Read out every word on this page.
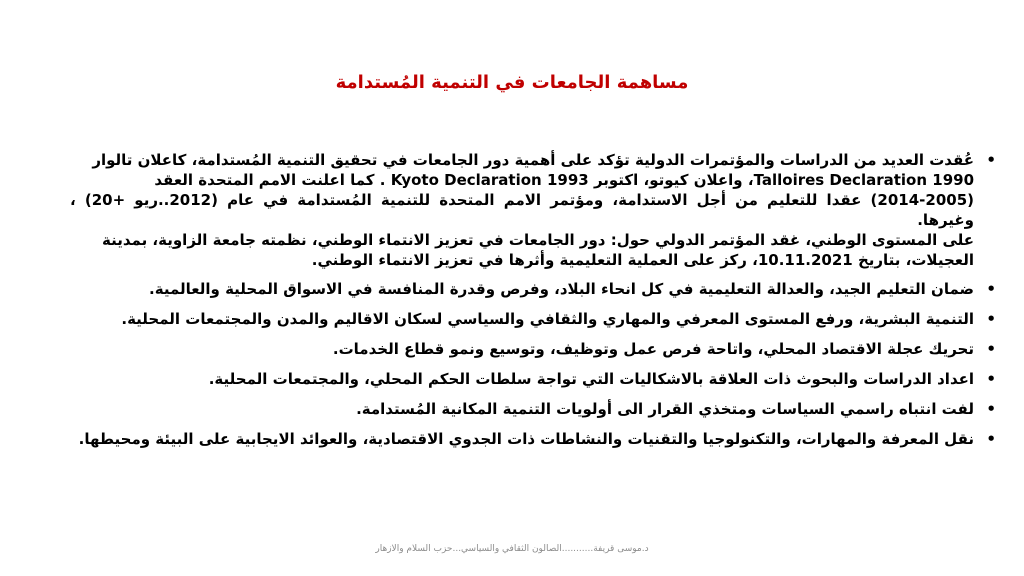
مساهمة الجامعات في التنمية المُستدامة
•
عُقدت العديد من الدراسات والمؤتمرات الدولية تؤكد على أهمية دور الجامعات في تحقيق التنمية المُستدامة، كاعلان تالوار
Talloires Declaration 1990، واعلان كيوتو، اكتوبر 1993 Kyoto Declaration . كما اعلنت الامم المتحدة العقد
(2014-2005) عقدا للتعليم من أجل الاستدامة، ومؤتمر الامم المتحدة للتنمية المُستدامة في عام (2012..ريو +20) ، وغيرها.
على المستوى الوطني، غقد المؤتمر الدولي حول: دور الجامعات في تعزيز الانتماء الوطني، نظمته جامعة الزاوية، بمدينة
العجيلات، بتاريخ 10.11.2021، ركز على العملية التعليمية وأثرها في تعزيز الانتماء الوطني.
•
ضمان التعليم الجيد، والعدالة التعليمية في كل انحاء البلاد، وفرص وقدرة المنافسة في الاسواق المحلية والعالمية.
•
التنمية البشرية، ورفع المستوى المعرفي والمهاري والثقافي والسياسي لسكان الاقاليم والمدن والمجتمعات المحلية.
•
تحريك عجلة الاقتصاد المحلي، واتاحة فرص عمل وتوظيف، وتوسيع ونمو قطاع الخدمات.
•
اعداد الدراسات والبحوث ذات العلاقة بالاشكاليات التي تواجة سلطات الحكم المحلي، والمجتمعات المحلية.
•
لفت انتباه راسمي السياسات ومتخذي القرار الى أولويات التنمية المكانية المُستدامة.
•
نقل المعرفة والمهارات، والتكنولوجيا والتقنيات والنشاطات ذات الجدوي الاقتصادية، والعوائد الايجابية على البيئة ومحيطها.
د.موسى قريفة...........الصالون الثقافي والسياسي...حزب السلام والازهار
